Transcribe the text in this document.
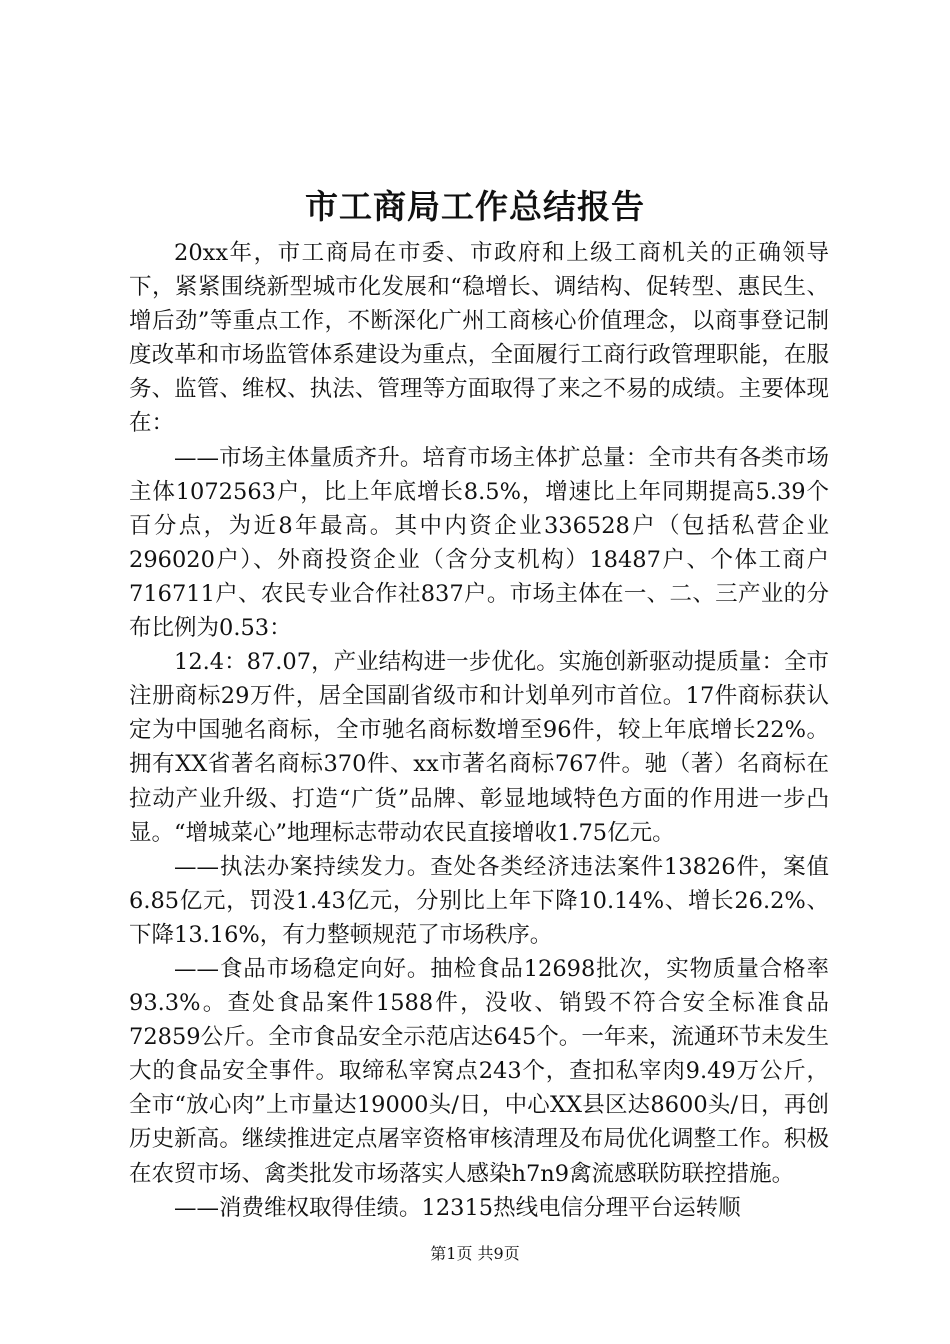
市工商局工作总结报告

20xx年，市工商局在市委、市政府和上级工商机关的正确领导下，紧紧围绕新型城市化发展和“稳增长、调结构、促转型、惠民生、增后劲”等重点工作，不断深化广州工商核心价值理念，以商事登记制度改革和市场监管体系建设为重点，全面履行工商行政管理职能，在服务、监管、维权、执法、管理等方面取得了来之不易的成绩。主要体现在：

——市场主体量质齐升。培育市场主体扩总量：全市共有各类市场主体1072563户，比上年底增长8.5%，增速比上年同期提高5.39个百分点，为近8年最高。其中内资企业336528户（包括私营企业296020户）、外商投资企业（含分支机构）18487户、个体工商户716711户、农民专业合作社837户。市场主体在一、二、三产业的分布比例为0.53：

12.4：87.07，产业结构进一步优化。实施创新驱动提质量：全市注册商标29万件，居全国副省级市和计划单列市首位。17件商标获认定为中国驰名商标，全市驰名商标数增至96件，较上年底增长22%。拥有XX省著名商标370件、xx市著名商标767件。驰（著）名商标在拉动产业升级、打造“广货”品牌、彰显地域特色方面的作用进一步凸显。“增城菜心”地理标志带动农民直接增收1.75亿元。

——执法办案持续发力。查处各类经济违法案件13826件，案值6.85亿元，罚没1.43亿元，分别比上年下降10.14%、增长26.2%、下降13.16%，有力整顿规范了市场秩序。

——食品市场稳定向好。抽检食品12698批次，实物质量合格率93.3%。查处食品案件1588件，没收、销毁不符合安全标准食品72859公斤。全市食品安全示范店达645个。一年来，流通环节未发生大的食品安全事件。取缔私宰窝点243个，查扣私宰肉9.49万公斤，全市“放心肉”上市量达19000头/日，中心XX县区达8600头/日，再创历史新高。继续推进定点屠宰资格审核清理及布局优化调整工作。积极在农贸市场、禽类批发市场落实人感染h7n9禽流感联防联控措施。

——消费维权取得佳绩。12315热线电信分理平台运转顺

第1页 共9页
